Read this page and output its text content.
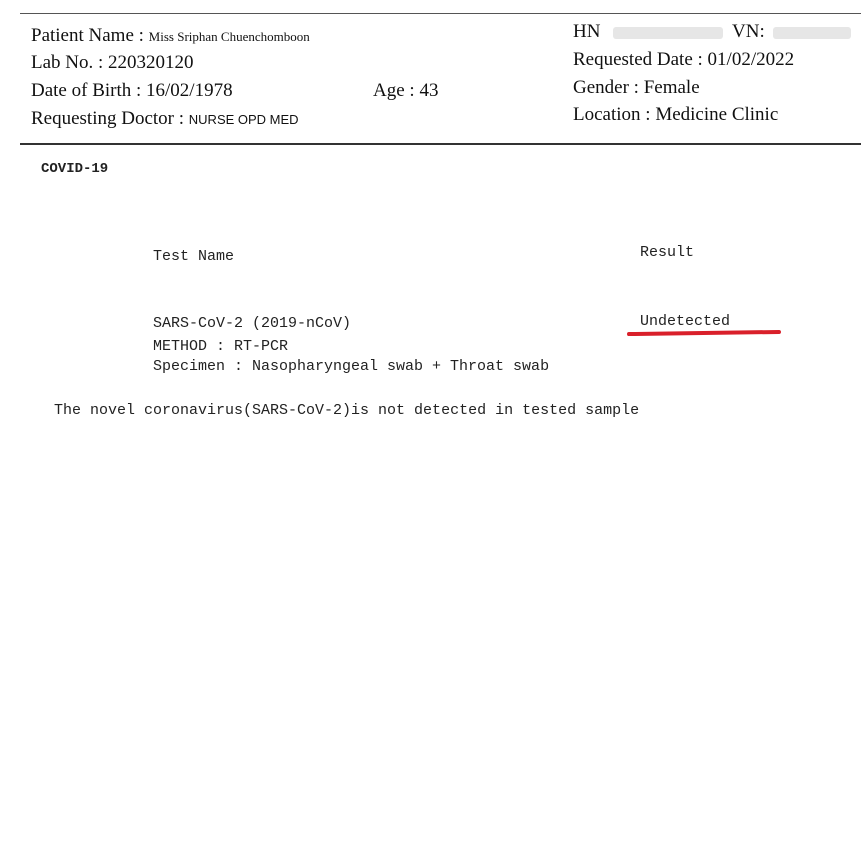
Patient Name : Miss Sriphan Chuenchomboon
Lab No. : 220320120
Date of Birth : 16/02/1978	Age : 43
Requesting Doctor : NURSE OPD MED
HN	VN:
Requested Date : 01/02/2022
Gender : Female
Location : Medicine Clinic
COVID-19
Test Name	Result
SARS-CoV-2 (2019-nCoV)	Undetected
METHOD : RT-PCR
Specimen : Nasopharyngeal swab + Throat swab
The novel coronavirus(SARS-CoV-2)is not detected in tested sample
